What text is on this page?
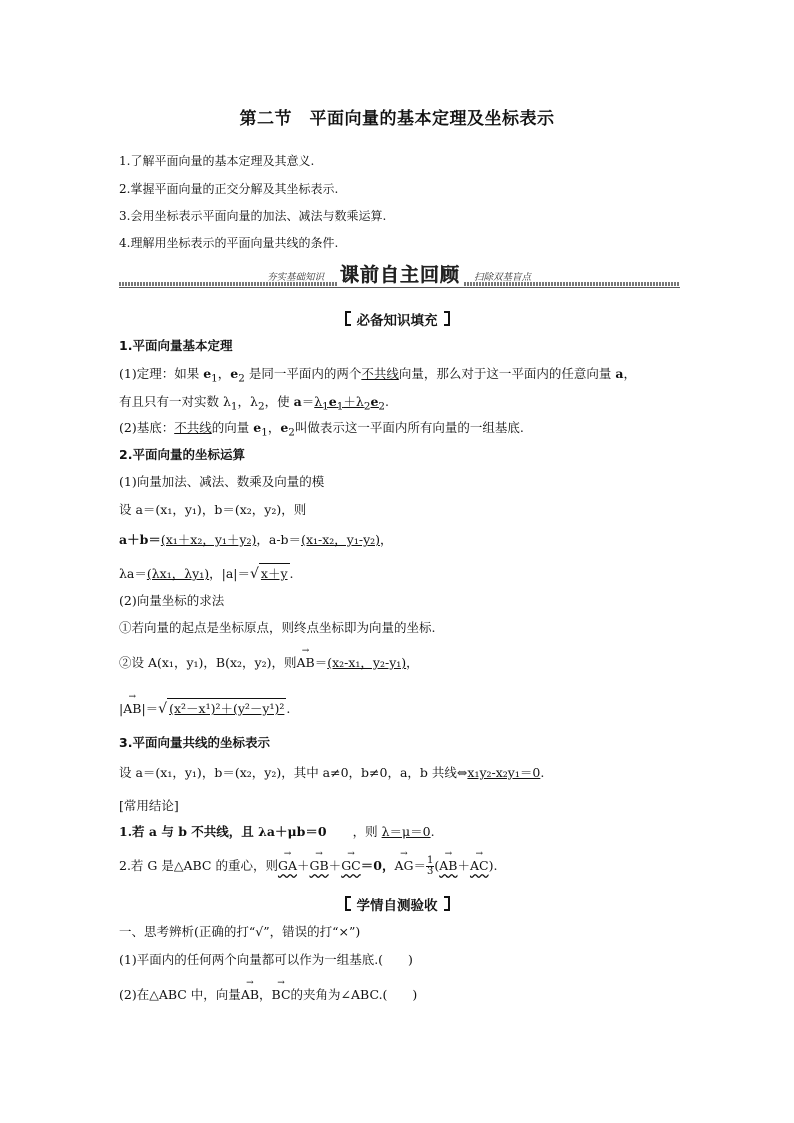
第二节　平面向量的基本定理及坐标表示
1.了解平面向量的基本定理及其意义.
2.掌握平面向量的正交分解及其坐标表示.
3.会用坐标表示平面向量的加法、减法与数乘运算.
4.理解用坐标表示的平面向量共线的条件.
夯实基础知识 课前自主回顾	扫除双基盲点
必备知识填充
1.平面向量基本定理
(1)定理：如果 $e_1$，$e_2$ 是同一平面内的两个不共线向量，那么对于这一平面内的任意向量 a，
有且只有一对实数 $\lambda_1$，$\lambda_2$，使 $a=\lambda_1e_1+\lambda_2e_2$.
(2)基底：不共线的向量 $e_1$，$e_2$叫做表示这一平面内所有向量的一组基底.
2.平面向量的坐标运算
(1)向量加法、减法、数乘及向量的模
设 a＝(x₁，y₁)，b＝(x₂，y₂)，则
a＋b＝(x₁＋x₂，y₁＋y₂)，a-b＝(x₁-x₂，y₁-y₂)，
λa＝(λx₁，λy₁)，|a|＝√ x＋y .
(2)向量坐标的求法
①若向量的起点是坐标原点，则终点坐标即为向量的坐标.
②设 A(x₁，y₁)，B(x₂，y₂)，则→ AB＝(x₂-x₁，y₂-y₁)，
|→ AB|＝√ (x²－x¹)²＋(y²－y¹)² .
3.平面向量共线的坐标表示
设 a＝(x₁，y₁)，b＝(x₂，y₂)，其中 a≠0，b≠0，a，b 共线⇔x₁y₂-x₂y₁＝0.
[常用结论]
1.若 a 与 b 不共线，且 λa＋μb＝0 ，则 λ＝μ＝0.
2.若 G 是△ABC 的重心，则→ GA＋→ GB＋→ GC＝0，→ $AG= \frac{1}{3}$ (→ AB＋→ AC).
学情自测验收
一、思考辨析(正确的打“√”，错误的打“×”)
(1)平面内的任何两个向量都可以作为一组基底.(　　)
(2)在△ABC 中，向量→ AB，→ BC的夹角为∠ABC.(　　)
